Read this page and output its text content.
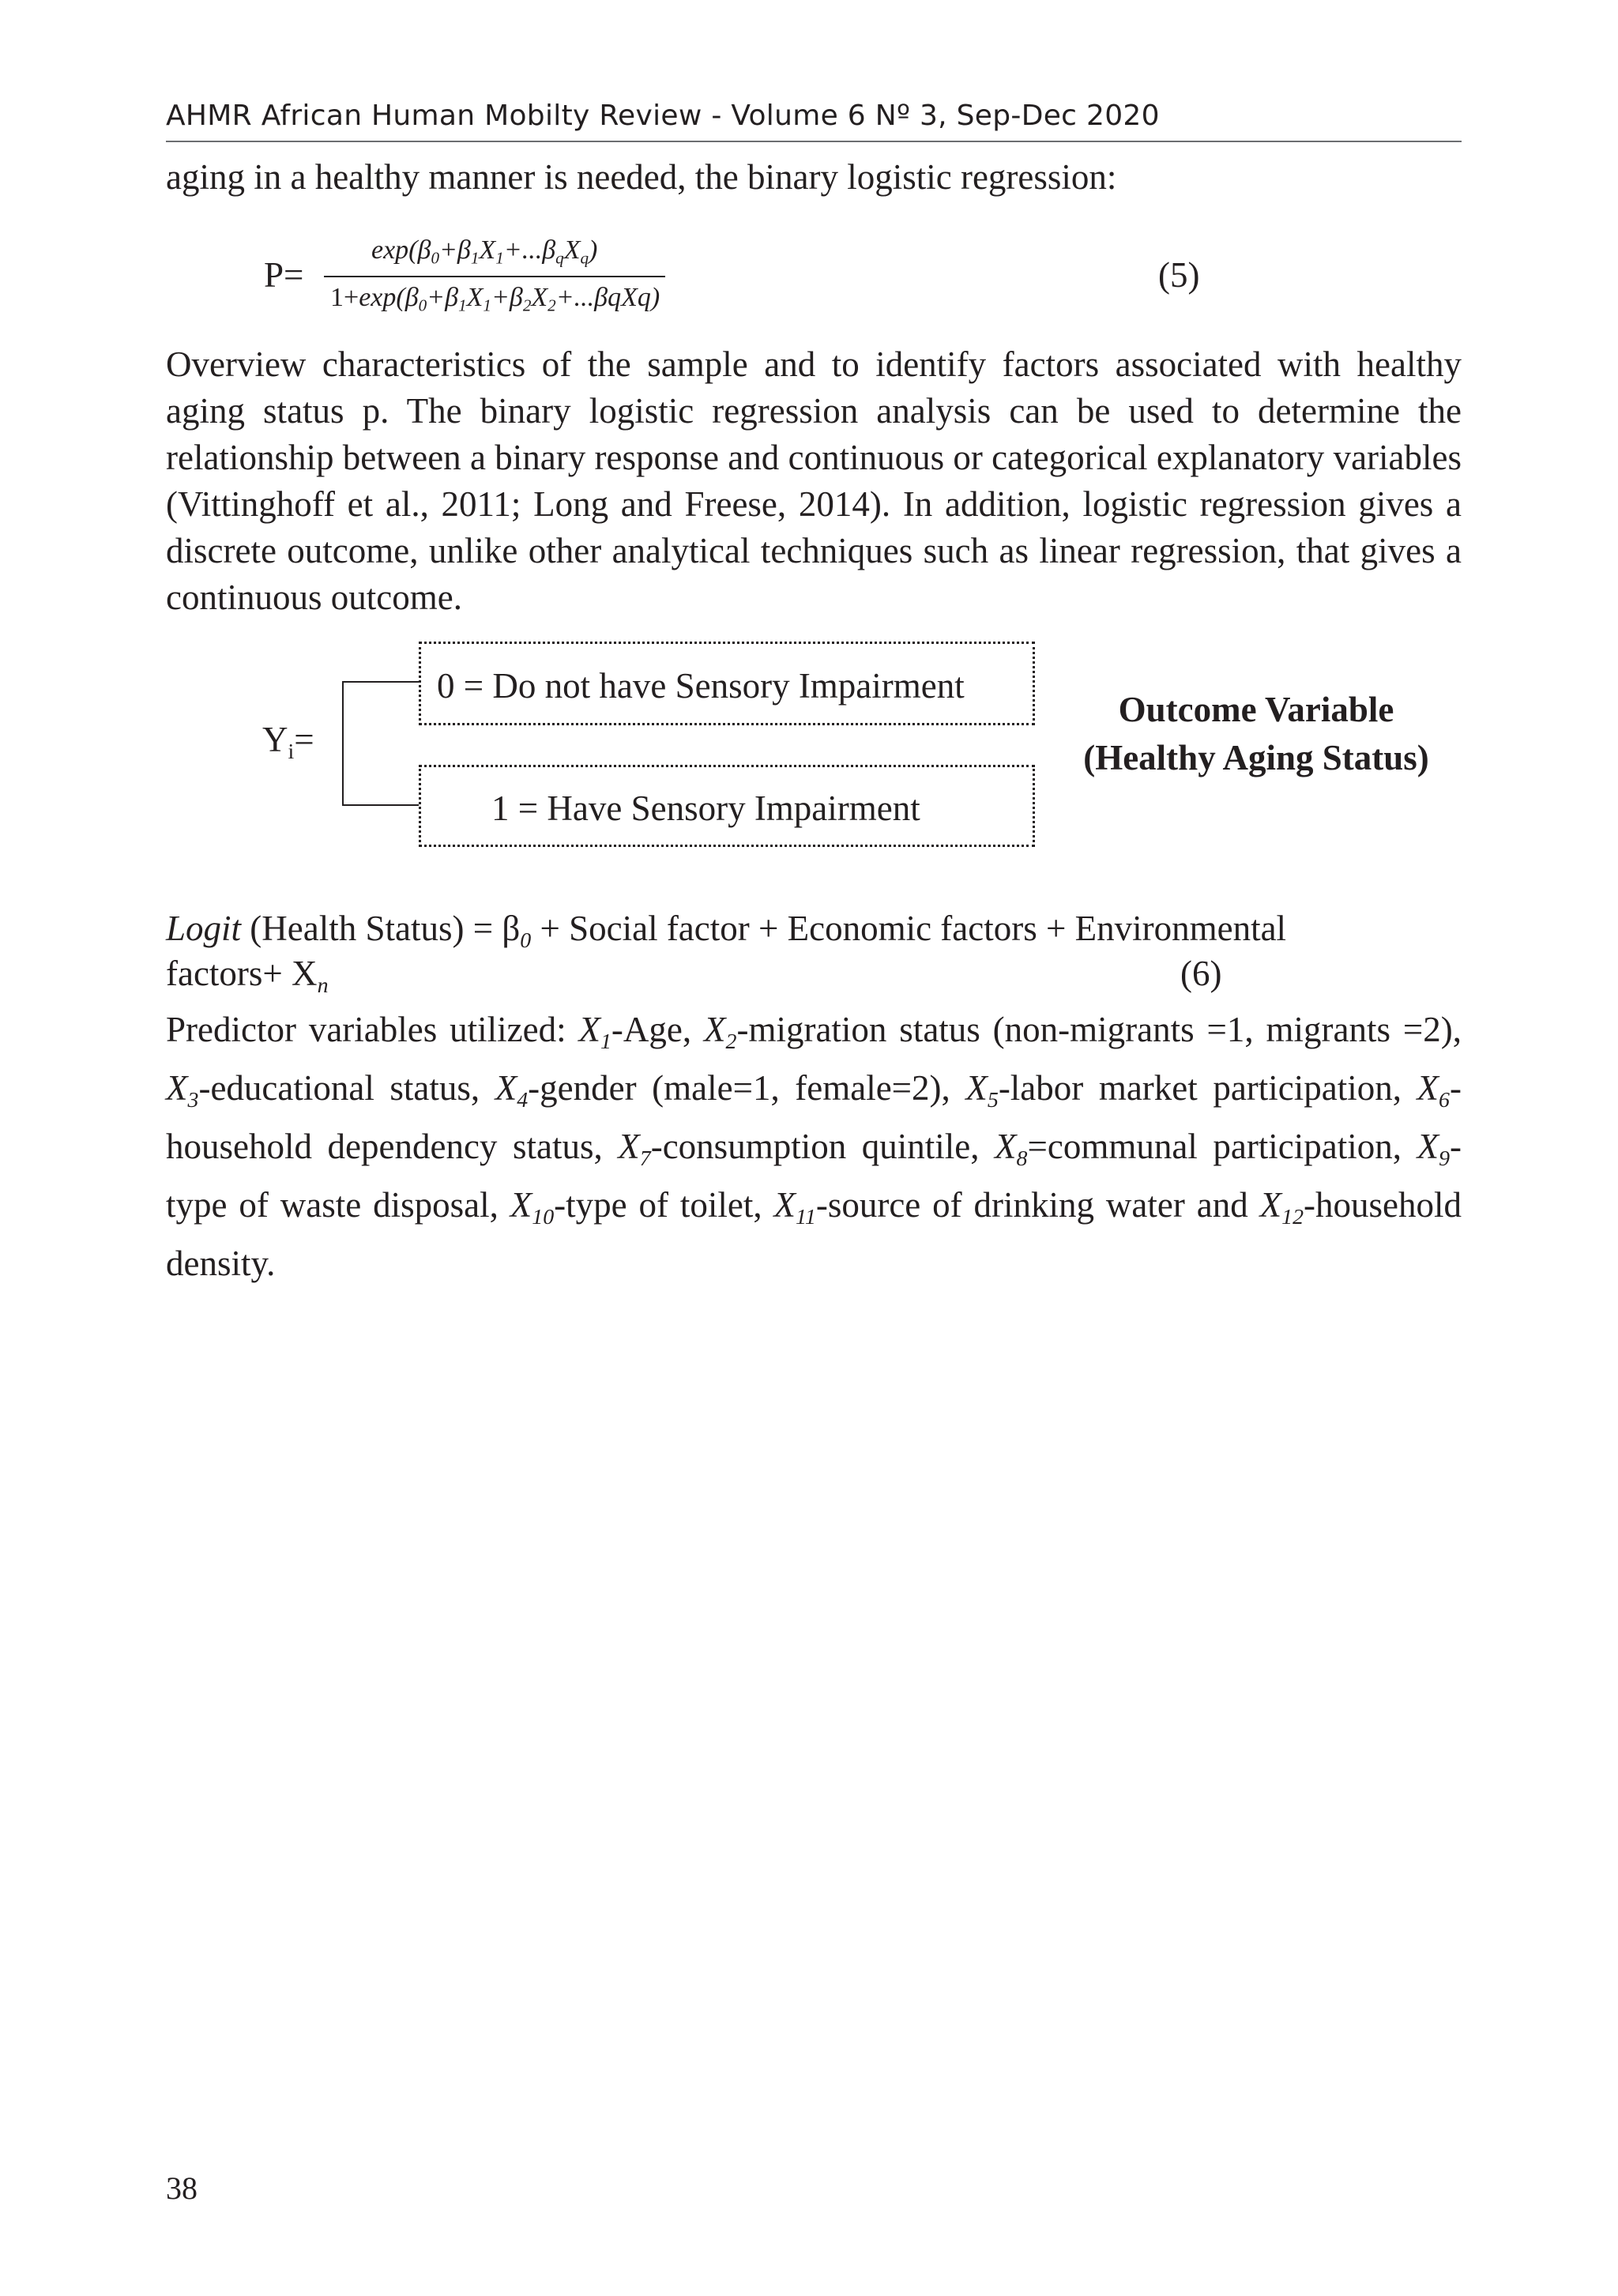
AHMR African Human Mobilty Review - Volume 6 Nº 3, Sep-Dec 2020
aging in a healthy manner is needed, the binary logistic regression:
P=
$\exp(\beta_0+\beta_1X_1+...\beta_qX_q)$
$1+\exp(\beta_0+\beta_1X_1+\beta_2X_2+...\beta qXq)$
(5)
Overview characteristics of the sample and to identify factors associated with healthy aging status p. The binary logistic regression analysis can be used to determine the relationship between a binary response and continuous or categorical explanatory variables (Vittinghoff et al., 2011; Long and Freese, 2014). In addition, logistic regression gives a discrete outcome, unlike other analytical techniques such as linear regression, that gives a continuous outcome.
Yi=
0 = Do not have Sensory Impairment
1 = Have Sensory Impairment
Outcome Variable
(Healthy Aging Status)
Logit (Health Status) = $\beta_0$ + Social factor + Economic factors + Environmental
factors+ $X_n$	(6)
Predictor variables utilized: $X_1$-Age, $X_2$-migration status (non-migrants =1, migrants =2), $X_3$-educational status, $X_4$-gender (male=1, female=2), $X_5$-labor market participation, $X_6$-household dependency status, $X_7$-consumption quintile, $X_8=communal$ participation, $X_9-$ type of waste disposal, $X_{10}$-type of toilet, $X_{11}$-source of drinking water and $X_{12}$-household density.
38
